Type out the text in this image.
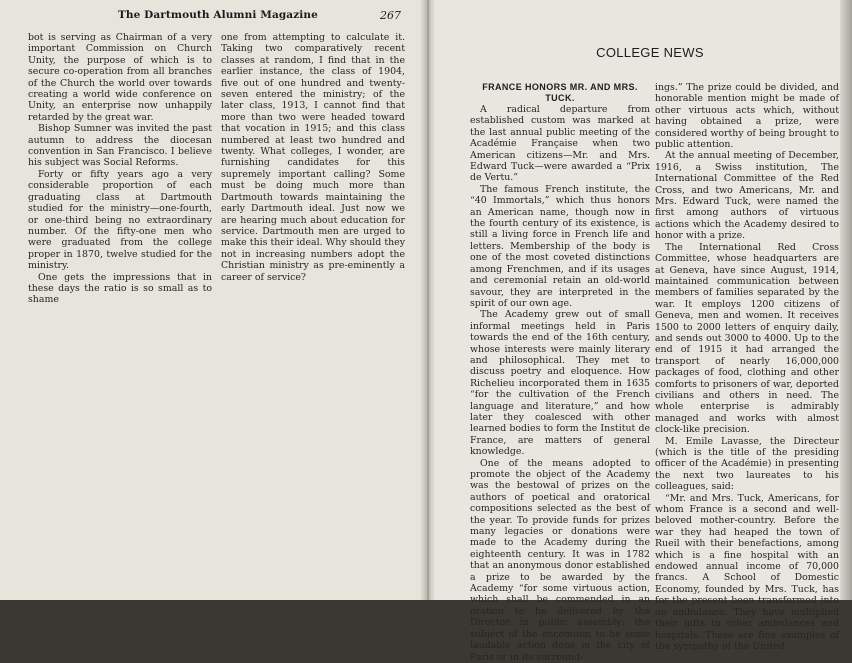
The Dartmouth Alumni Magazine	267

bot is serving as Chairman of a very important Commission on Church Unity, the purpose of which is to secure co-operation from all branches of the Church the world over towards creating a world wide conference on Unity, an enterprise now unhappily retarded by the great war.

Bishop Sumner was invited the past autumn to address the diocesan convention in San Francisco. I believe his subject was Social Reforms.

Forty or fifty years ago a very considerable proportion of each graduating class at Dartmouth studied for the ministry—one-fourth, or one-third being no extraordinary number. Of the fifty-one men who were graduated from the college proper in 1870, twelve studied for the ministry.

One gets the impressions that in these days the ratio is so small as to shame

one from attempting to calculate it. Taking two comparatively recent classes at random, I find that in the earlier instance, the class of 1904, five out of one hundred and twenty-seven entered the ministry; of the later class, 1913, I cannot find that more than two were headed toward that vocation in 1915; and this class numbered at least two hundred and twenty. What colleges, I wonder, are furnishing candidates for this supremely important calling? Some must be doing much more than Dartmouth towards maintaining the early Dartmouth ideal. Just now we are hearing much about education for service. Dartmouth men are urged to make this their ideal. Why should they not in increasing numbers adopt the Christian ministry as pre-eminently a career of service?

COLLEGE NEWS
FRANCE HONORS MR. AND MRS. TUCK.

A radical departure from established custom was marked at the last annual public meeting of the Académie Française when two American citizens—Mr. and Mrs. Edward Tuck—were awarded a “Prix de Vertu.”

The famous French institute, the “40 Immortals,” which thus honors an American name, though now in the fourth century of its existence, is still a living force in French life and letters. Membership of the body is one of the most coveted distinctions among Frenchmen, and if its usages and ceremonial retain an old-world savour, they are interpreted in the spirit of our own age.

The Academy grew out of small informal meetings held in Paris towards the end of the 16th century, whose interests were mainly literary and philosophical. They met to discuss poetry and eloquence. How Richelieu incorporated them in 1635 “for the cultivation of the French language and literature,” and how later they coalesced with other learned bodies to form the Institut de France, are matters of general knowledge.

One of the means adopted to promote the object of the Academy was the bestowal of prizes on the authors of poetical and oratorical compositions selected as the best of the year. To provide funds for prizes many legacies or donations were made to the Academy during the eighteenth century. It was in 1782 that an anonymous donor established a prize to be awarded by the Academy “for some virtuous action, which shall be commended in an oration to be delivered by the Director in public assembly; the subject of the encomium to be some laudable action done in the city of Paris or in its surround-

ings.” The prize could be divided, and honorable mention might be made of other virtuous acts which, without having obtained a prize, were considered worthy of being brought to public attention.

At the annual meeting of December, 1916, a Swiss institution, The International Committee of the Red Cross, and two Americans, Mr. and Mrs. Edward Tuck, were named the first among authors of virtuous actions which the Academy desired to honor with a prize.

The International Red Cross Committee, whose headquarters are at Geneva, have since August, 1914, maintained communication between members of families separated by the war. It employs 1200 citizens of Geneva, men and women. It receives 1500 to 2000 letters of enquiry daily, and sends out 3000 to 4000. Up to the end of 1915 it had arranged the transport of nearly 16,000,000 packages of food, clothing and other comforts to prisoners of war, deported civilians and others in need. The whole enterprise is admirably managed and works with almost clock-like precision.

M. Emile Lavasse, the Directeur (which is the title of the presiding officer of the Académie) in presenting the next two laureates to his colleagues, said:

“Mr. and Mrs. Tuck, Americans, for whom France is a second and well-beloved mother-country. Before the war they had heaped the town of Rueil with their benefactions, among which is a fine hospital with an endowed annual income of 70,000 francs. A School of Domestic Economy, founded by Mrs. Tuck, has for the present been transformed into an ambulance. They have multiplied their gifts to other ambulances and hospitals. These are fine examples of the sympathy of the United
